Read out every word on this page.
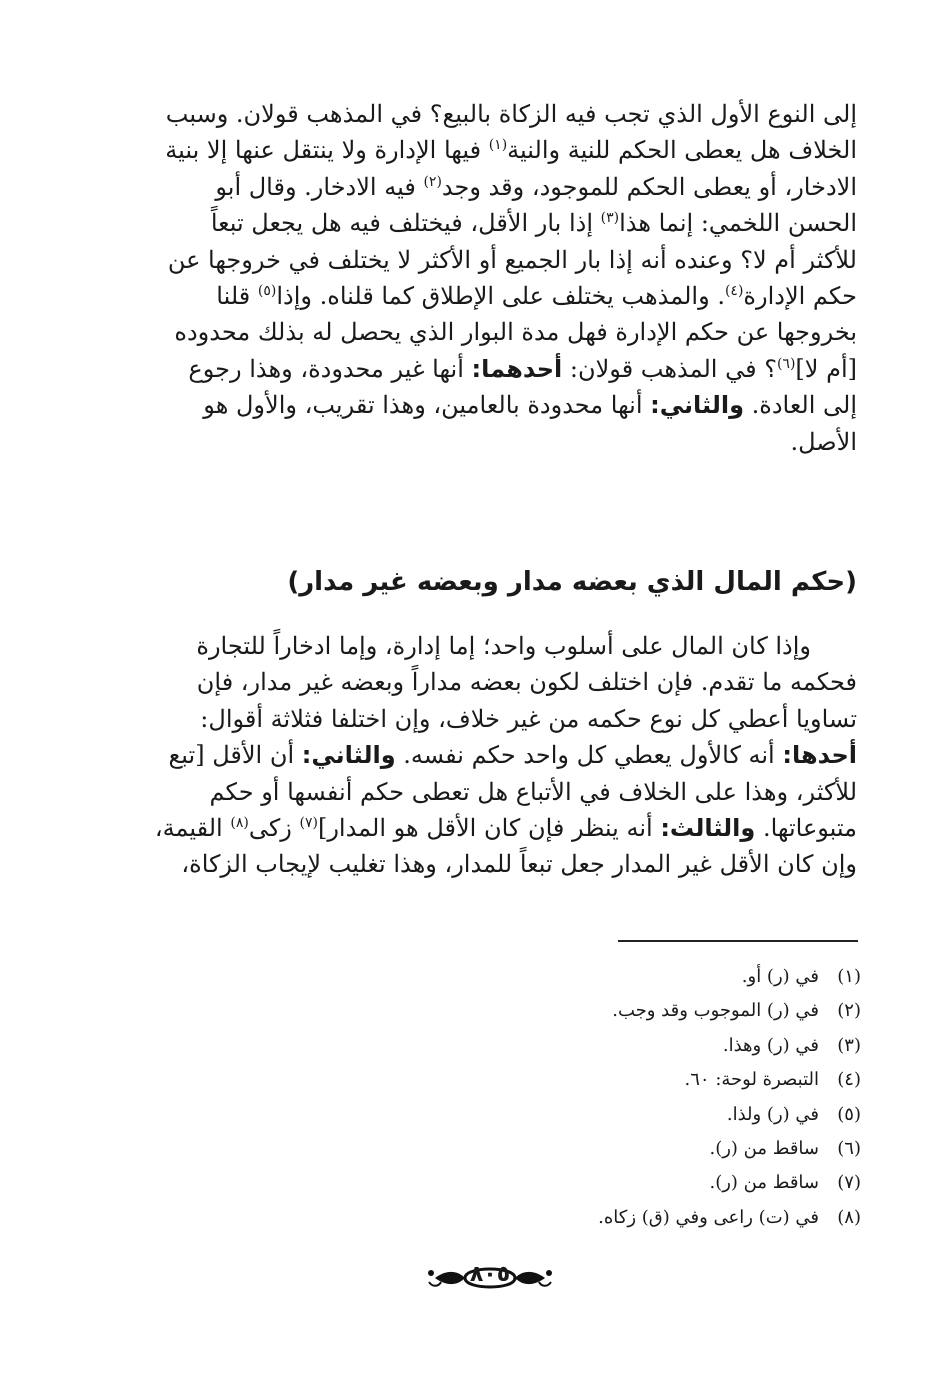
إلى النوع الأول الذي تجب فيه الزكاة بالبيع؟ في المذهب قولان. وسبب
الخلاف هل يعطى الحكم للنية والنية$^{(١)}$ فيها الإدارة ولا ينتقل عنها إلا بنية
الادخار، أو يعطى الحكم للموجود، وقد وجد$^{(٢)}$ فيه الادخار. وقال أبو
الحسن اللخمي: إنما هذا$^{(٣)}$ إذا بار الأقل، فيختلف فيه هل يجعل تبعاً
للأكثر أم لا؟ وعنده أنه إذا بار الجميع أو الأكثر لا يختلف في خروجها عن
حكم الإدارة$^{(٤)}$. والمذهب يختلف على الإطلاق كما قلناه. وإذا$^{(٥)}$ قلنا
بخروجها عن حكم الإدارة فهل مدة البوار الذي يحصل له بذلك محدوده
[أم لا]$^{(٦)}$؟ في المذهب قولان: أحدهما: أنها غير محدودة، وهذا رجوع
إلى العادة. والثاني: أنها محدودة بالعامين، وهذا تقريب، والأول هو
الأصل.
(حكم المال الذي بعضه مدار وبعضه غير مدار)
وإذا كان المال على أسلوب واحد؛ إما إدارة، وإما ادخاراً للتجارة
فحكمه ما تقدم. فإن اختلف لكون بعضه مداراً وبعضه غير مدار، فإن
تساويا أعطي كل نوع حكمه من غير خلاف، وإن اختلفا فثلاثة أقوال:
أحدها: أنه كالأول يعطي كل واحد حكم نفسه. والثاني: أن الأقل [تبع
للأكثر، وهذا على الخلاف في الأتباع هل تعطى حكم أنفسها أو حكم
متبوعاتها. والثالث: أنه ينظر فإن كان الأقل هو المدار]$^{(٧)}$ زكى$^{(٨)}$ القيمة،
وإن كان الأقل غير المدار جعل تبعاً للمدار، وهذا تغليب لإيجاب الزكاة،
(١)في (ر) أو.
(٢)في (ر) الموجوب وقد وجب.
(٣)في (ر) وهذا.
(٤)التبصرة لوحة: ٦٠.
(٥)في (ر) ولذا.
(٦)ساقط من (ر).
(٧)ساقط من (ر).
(٨)في (ت) راعى وفي (ق) زكاه.
٨٠٥
